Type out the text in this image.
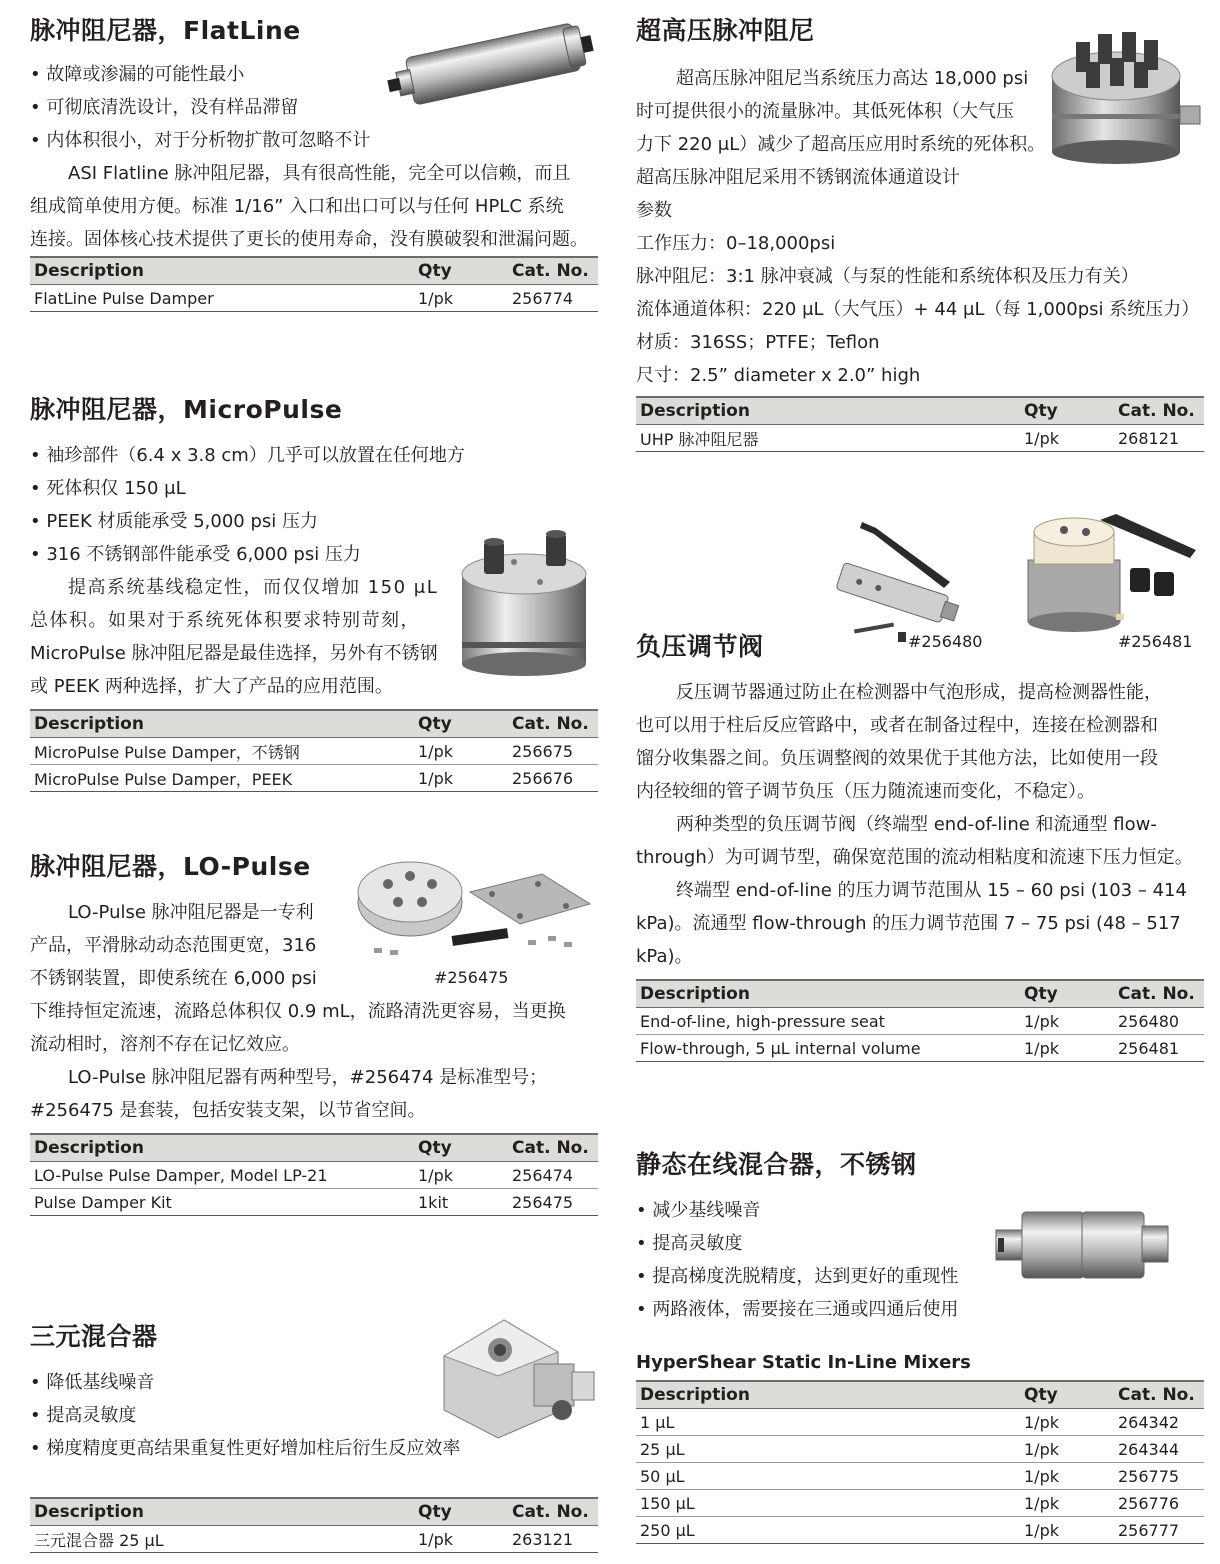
脉冲阻尼器，FlatLine
• 故障或渗漏的可能性最小
• 可彻底清洗设计，没有样品滞留
• 内体积很小，对于分析物扩散可忽略不计

ASI Flatline 脉冲阻尼器，具有很高性能，完全可以信赖，而且

组成简单使用方便。标准 1/16” 入口和出口可以与任何 HPLC 系统

连接。固体核心技术提供了更长的使用寿命，没有膜破裂和泄漏问题。

Description	Qty	Cat. No.
FlatLine Pulse Damper	1/pk	256774
脉冲阻尼器，MicroPulse
• 袖珍部件（6.4 x 3.8 cm）几乎可以放置在任何地方
• 死体积仅 150 μL
• PEEK 材质能承受 5,000 psi 压力
• 316 不锈钢部件能承受 6,000 psi 压力

提高系统基线稳定性，而仅仅增加 150 μL

总体积。如果对于系统死体积要求特别苛刻，

MicroPulse 脉冲阻尼器是最佳选择，另外有不锈钢

或 PEEK 两种选择，扩大了产品的应用范围。

Description	Qty	Cat. No.
MicroPulse Pulse Damper，不锈钢	1/pk	256675
MicroPulse Pulse Damper，PEEK	1/pk	256676
脉冲阻尼器，LO-Pulse

LO-Pulse 脉冲阻尼器是一专利

产品，平滑脉动动态范围更宽，316

不锈钢装置，即使系统在 6,000 psi

下维持恒定流速，流路总体积仅 0.9 mL，流路清洗更容易，当更换

流动相时，溶剂不存在记忆效应。

LO-Pulse 脉冲阻尼器有两种型号，#256474 是标准型号；

#256475 是套装，包括安装支架，以节省空间。

Description	Qty	Cat. No.
LO-Pulse Pulse Damper, Model LP-21	1/pk	256474
Pulse Damper Kit	1kit	256475
#256475
三元混合器
• 降低基线噪音
• 提高灵敏度
• 梯度精度更高结果重复性更好增加柱后衍生反应效率
Description	Qty	Cat. No.
三元混合器 25 μL	1/pk	263121
超高压脉冲阻尼

超高压脉冲阻尼当系统压力高达 18,000 psi

时可提供很小的流量脉冲。其低死体积（大气压

力下 220 μL）减少了超高压应用时系统的死体积。

超高压脉冲阻尼采用不锈钢流体通道设计

参数

工作压力：0–18,000psi

脉冲阻尼：3:1 脉冲衰减（与泵的性能和系统体积及压力有关）

流体通道体积：220 μL（大气压）+ 44 μL（每 1,000psi 系统压力）

材质：316SS；PTFE；Teflon

尺寸：2.5” diameter x 2.0” high

Description	Qty	Cat. No.
UHP 脉冲阻尼器	1/pk	268121
负压调节阀

反压调节器通过防止在检测器中气泡形成，提高检测器性能，

也可以用于柱后反应管路中，或者在制备过程中，连接在检测器和

馏分收集器之间。负压调整阀的效果优于其他方法，比如使用一段

内径较细的管子调节负压（压力随流速而变化，不稳定）。

两种类型的负压调节阀（终端型 end-of-line 和流通型 flow-

through）为可调节型，确保宽范围的流动相粘度和流速下压力恒定。

终端型 end-of-line 的压力调节范围从 15 – 60 psi (103 – 414

kPa)。流通型 flow-through 的压力调节范围 7 – 75 psi (48 – 517

kPa)。

Description	Qty	Cat. No.
End-of-line, high-pressure seat	1/pk	256480
Flow-through, 5 μL internal volume	1/pk	256481
#256480	#256481
静态在线混合器，不锈钢
• 减少基线噪音
• 提高灵敏度
• 提高梯度洗脱精度，达到更好的重现性
• 两路液体，需要接在三通或四通后使用
HyperShear Static In-Line Mixers
Description	Qty	Cat. No.
1 μL	1/pk	264342
25 μL	1/pk	264344
50 μL	1/pk	256775
150 μL	1/pk	256776
250 μL	1/pk	256777
